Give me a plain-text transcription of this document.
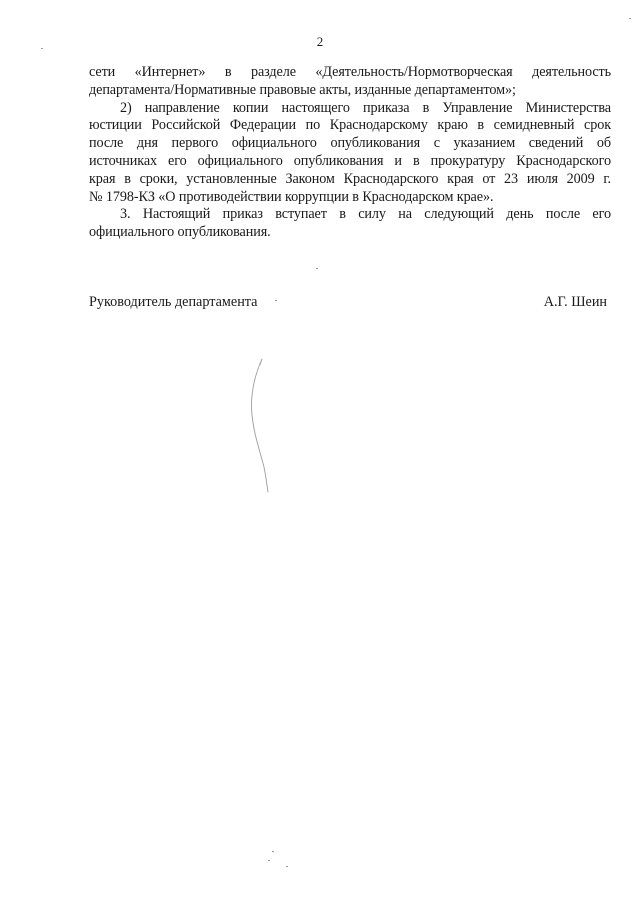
2

сети «Интернет» в разделе «Деятельность/Нормотворческая деятельность
департамента/Нормативные правовые акты, изданные департаментом»;

2) направление копии настоящего приказа в Управление Министерства
юстиции Российской Федерации по Краснодарскому краю в семидневный срок
после дня первого официального опубликования с указанием сведений об
источниках его официального опубликования и в прокуратуру Краснодарского
края в сроки, установленные Законом Краснодарского края от 23 июля 2009 г.
№ 1798-КЗ «О противодействии коррупции в Краснодарском крае».

3. Настоящий приказ вступает в силу на следующий день после его
официального опубликования.

Руководитель департамента	А.Г. Шеин
